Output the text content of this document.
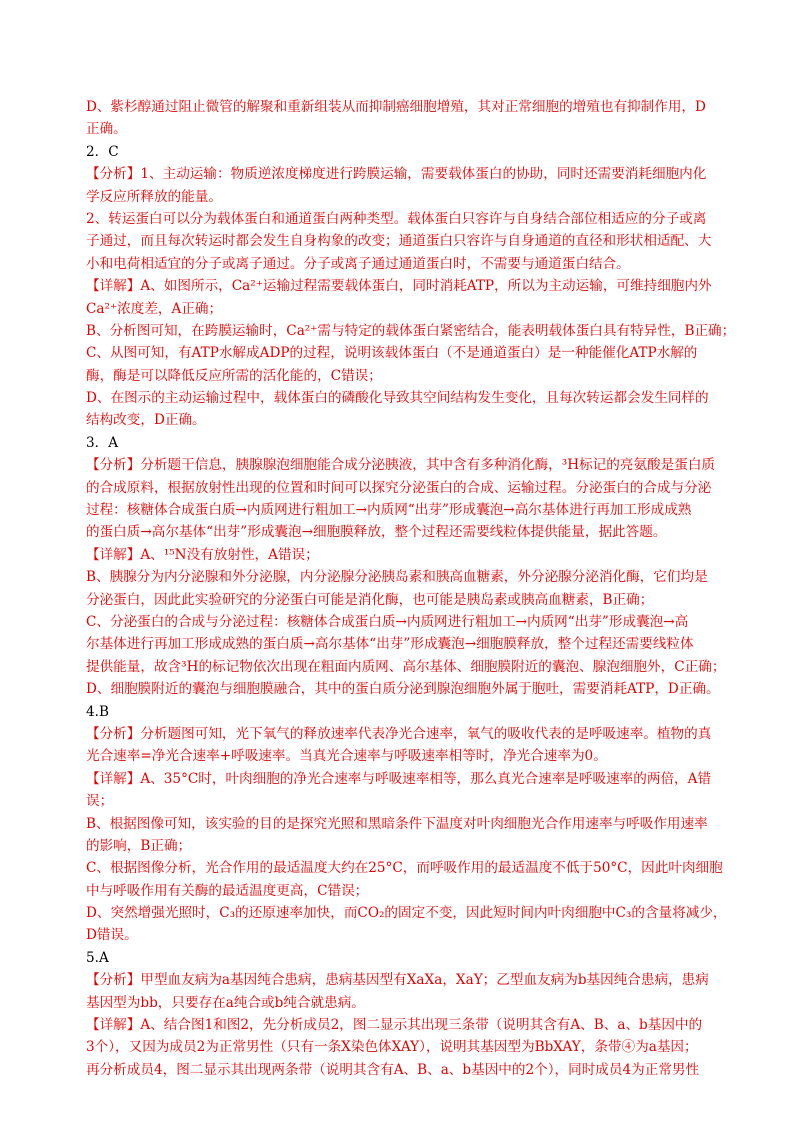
D、紫杉醇通过阻止微管的解聚和重新组装从而抑制癌细胞增殖，其对正常细胞的增殖也有抑制作用，D
正确。
2．C
【分析】1、主动运输：物质逆浓度梯度进行跨膜运输，需要载体蛋白的协助，同时还需要消耗细胞内化
学反应所释放的能量。
2、转运蛋白可以分为载体蛋白和通道蛋白两种类型。载体蛋白只容许与自身结合部位相适应的分子或离
子通过，而且每次转运时都会发生自身构象的改变；通道蛋白只容许与自身通道的直径和形状相适配、大
小和电荷相适宜的分子或离子通过。分子或离子通过通道蛋白时，不需要与通道蛋白结合。
【详解】A、如图所示，Ca²⁺运输过程需要载体蛋白，同时消耗ATP，所以为主动运输，可维持细胞内外
Ca²⁺浓度差，A正确；
B、分析图可知，在跨膜运输时，Ca²⁺需与特定的载体蛋白紧密结合，能表明载体蛋白具有特异性，B正确；
C、从图可知，有ATP水解成ADP的过程，说明该载体蛋白（不是通道蛋白）是一种能催化ATP水解的
酶，酶是可以降低反应所需的活化能的，C错误；
D、在图示的主动运输过程中，载体蛋白的磷酸化导致其空间结构发生变化，且每次转运都会发生同样的
结构改变，D正确。
3．A
【分析】分析题干信息，胰腺腺泡细胞能合成分泌胰液，其中含有多种消化酶，³H标记的亮氨酸是蛋白质
的合成原料，根据放射性出现的位置和时间可以探究分泌蛋白的合成、运输过程。分泌蛋白的合成与分泌
过程：核糖体合成蛋白质→内质网进行粗加工→内质网“出芽”形成囊泡→高尔基体进行再加工形成成熟
的蛋白质→高尔基体“出芽”形成囊泡→细胞膜释放，整个过程还需要线粒体提供能量，据此答题。
【详解】A、¹⁵N没有放射性，A错误；
B、胰腺分为内分泌腺和外分泌腺，内分泌腺分泌胰岛素和胰高血糖素，外分泌腺分泌消化酶，它们均是
分泌蛋白，因此此实验研究的分泌蛋白可能是消化酶，也可能是胰岛素或胰高血糖素，B正确；
C、分泌蛋白的合成与分泌过程：核糖体合成蛋白质→内质网进行粗加工→内质网“出芽”形成囊泡→高
尔基体进行再加工形成成熟的蛋白质→高尔基体“出芽”形成囊泡→细胞膜释放，整个过程还需要线粒体
提供能量，故含³H的标记物依次出现在粗面内质网、高尔基体、细胞膜附近的囊泡、腺泡细胞外，C正确；
D、细胞膜附近的囊泡与细胞膜融合，其中的蛋白质分泌到腺泡细胞外属于胞吐，需要消耗ATP，D正确。
4.B
【分析】分析题图可知，光下氧气的释放速率代表净光合速率，氧气的吸收代表的是呼吸速率。植物的真
光合速率=净光合速率+呼吸速率。当真光合速率与呼吸速率相等时，净光合速率为0。
【详解】A、35°C时，叶肉细胞的净光合速率与呼吸速率相等，那么真光合速率是呼吸速率的两倍，A错
误；
B、根据图像可知，该实验的目的是探究光照和黑暗条件下温度对叶肉细胞光合作用速率与呼吸作用速率
的影响，B正确；
C、根据图像分析，光合作用的最适温度大约在25°C，而呼吸作用的最适温度不低于50°C，因此叶肉细胞
中与呼吸作用有关酶的最适温度更高，C错误；
D、突然增强光照时，C₃的还原速率加快，而CO₂的固定不变，因此短时间内叶肉细胞中C₃的含量将减少，
D错误。
5.A
【分析】甲型血友病为a基因纯合患病，患病基因型有XaXa，XaY；乙型血友病为b基因纯合患病，患病
基因型为bb，只要存在a纯合或b纯合就患病。
【详解】A、结合图1和图2，先分析成员2，图二显示其出现三条带（说明其含有A、B、a、b基因中的
3个），又因为成员2为正常男性（只有一条X染色体XAY），说明其基因型为BbXAY，条带④为a基因；
再分析成员4，图二显示其出现两条带（说明其含有A、B、a、b基因中的2个），同时成员4为正常男性
